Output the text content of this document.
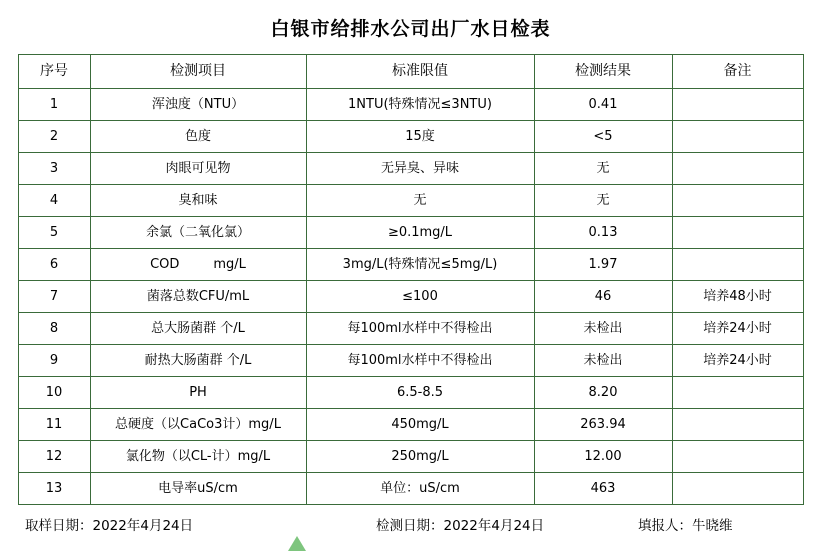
白银市给排水公司出厂水日检表
序号	检测项目	标准限值	检测结果	备注
1	浑浊度（NTU）	1NTU(特殊情况≤3NTU)	0.41	
2	色度	15度	<5	
3	肉眼可见物	无异臭、异味	无	
4	臭和味	无	无	
5	余氯（二氧化氯）	≥0.1mg/L	0.13	
6	COD mg/L	3mg/L(特殊情况≤5mg/L)	1.97	
7	菌落总数CFU/mL	≤100	46	培养48小时
8	总大肠菌群 个/L	每100ml水样中不得检出	未检出	培养24小时
9	耐热大肠菌群 个/L	每100ml水样中不得检出	未检出	培养24小时
10	PH	6.5-8.5	8.20	
11	总硬度（以CaCo3计）mg/L	450mg/L	263.94	
12	氯化物（以CL-计）mg/L	250mg/L	12.00	
13	电导率uS/cm	单位：uS/cm	463	
取样日期：2022年4月24日	检测日期：2022年4月24日	填报人：牛晓维
